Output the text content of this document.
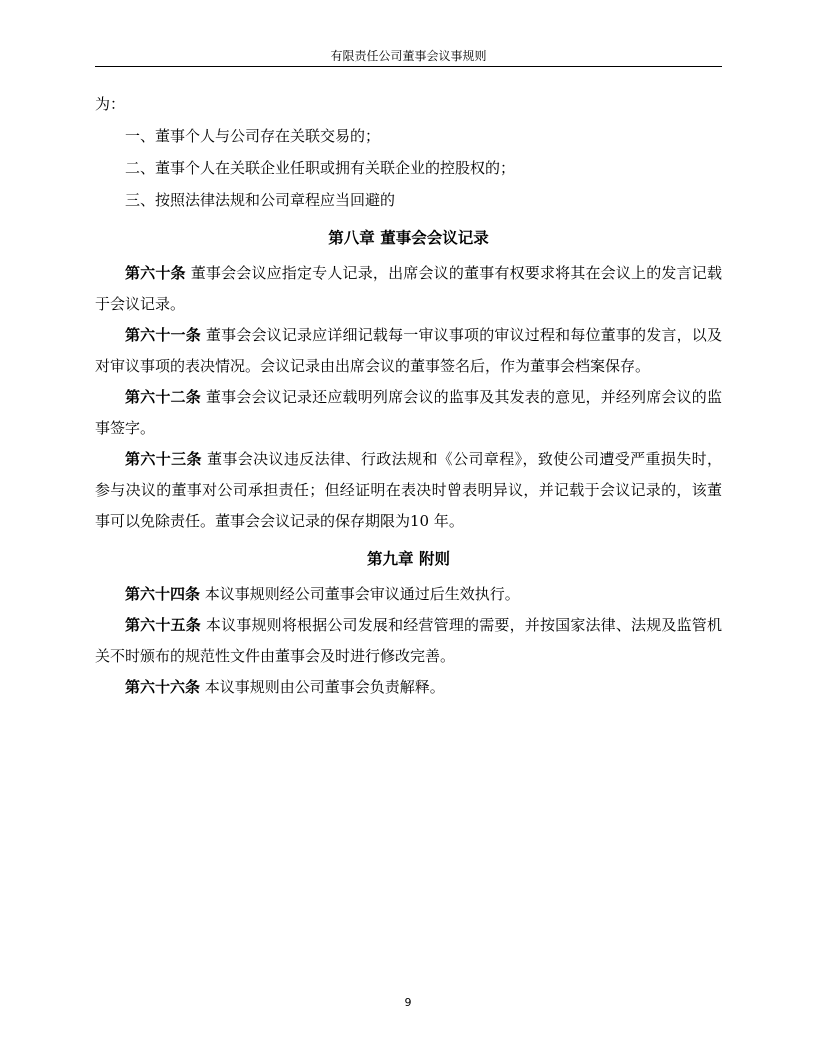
有限责任公司董事会议事规则
为：
一、董事个人与公司存在关联交易的；
二、董事个人在关联企业任职或拥有关联企业的控股权的；
三、按照法律法规和公司章程应当回避的
第八章 董事会会议记录
第六十条 董事会会议应指定专人记录，出席会议的董事有权要求将其在会议上的发言记载于会议记录。
第六十一条 董事会会议记录应详细记载每一审议事项的审议过程和每位董事的发言，以及对审议事项的表决情况。会议记录由出席会议的董事签名后，作为董事会档案保存。
第六十二条 董事会会议记录还应载明列席会议的监事及其发表的意见，并经列席会议的监事签字。
第六十三条 董事会决议违反法律、行政法规和《公司章程》，致使公司遭受严重损失时，参与决议的董事对公司承担责任；但经证明在表决时曾表明异议，并记载于会议记录的，该董事可以免除责任。董事会会议记录的保存期限为10 年。
第九章 附则
第六十四条 本议事规则经公司董事会审议通过后生效执行。
第六十五条 本议事规则将根据公司发展和经营管理的需要，并按国家法律、法规及监管机关不时颁布的规范性文件由董事会及时进行修改完善。
第六十六条 本议事规则由公司董事会负责解释。
9
